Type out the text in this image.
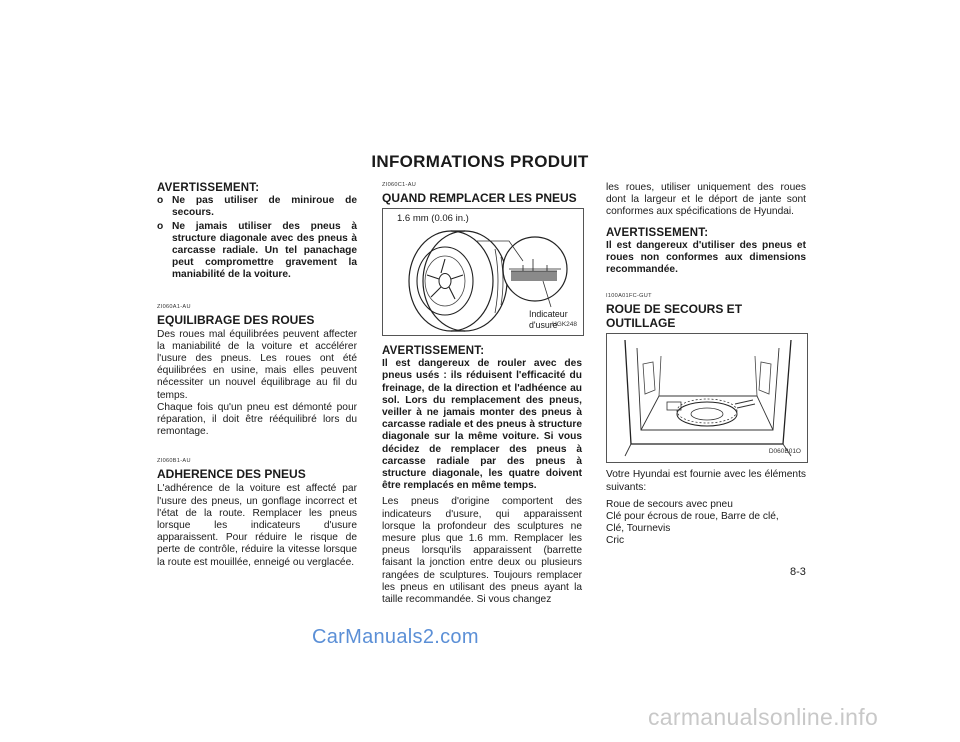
INFORMATIONS PRODUIT
AVERTISSEMENT:
o Ne pas utiliser de miniroue de secours.
o Ne jamais utiliser des pneus à structure diagonale avec des pneus à carcasse radiale. Un tel panachage peut compromettre gravement la maniabilité de la voiture.
ZI060A1-AU
EQUILIBRAGE DES ROUES

Des roues mal équilibrées peuvent affecter la maniabilité de la voiture et accélérer l'usure des pneus. Les roues ont été équilibrées en usine, mais elles peuvent nécessiter un nouvel équilibrage au fil du temps.

Chaque fois qu'un pneu est démonté pour réparation, il doit être rééquilibré lors du remontage.

ZI060B1-AU
ADHERENCE DES PNEUS

L'adhérence de la voiture est affecté par l'usure des pneus, un gonflage incorrect et l'état de la route. Remplacer les pneus lorsque les indicateurs d'usure apparaissent. Pour réduire le risque de perte de contrôle, réduire la vitesse lorsque la route est mouillée, enneigé ou verglacée.

ZI060C1-AU
QUAND REMPLACER LES PNEUS
1.6 mm (0.06 in.)
Indicateur
d'usure
HGK248
AVERTISSEMENT:

Il est dangereux de rouler avec des pneus usés : ils réduisent l'efficacité du freinage, de la direction et l'adhéence au sol. Lors du remplacement des pneus, veiller à ne jamais monter des pneus à carcasse radiale et des pneus à structure diagonale sur la même voiture. Si vous décidez de remplacer des pneus à carcasse radiale par des pneus à structure diagonale, les quatre doivent être remplacés en même temps.

Les pneus d'origine comportent des indicateurs d'usure, qui apparaissent lorsque la profondeur des sculptures ne mesure plus que 1.6 mm. Remplacer les pneus lorsqu'ils apparaissent (barrette faisant la jonction entre deux ou plusieurs rangées de sculptures. Toujours remplacer les pneus en utilisant des pneus ayant la taille recommandée. Si vous changez

les roues, utiliser uniquement des roues dont la largeur et le déport de jante sont conformes aux spécifications de Hyundai.

AVERTISSEMENT:

Il est dangereux d'utiliser des pneus et roues non conformes aux dimensions recommandée.

I100A01FC-GUT
ROUE DE SECOURS ET OUTILLAGE
D060B01O

Votre Hyundai est fournie avec les éléments suivants:

Roue de secours avec pneu
Clé pour écrous de roue, Barre de clé,
Clé, Tournevis
Cric
8-3
CarManuals2.com
carmanualsonline.info
